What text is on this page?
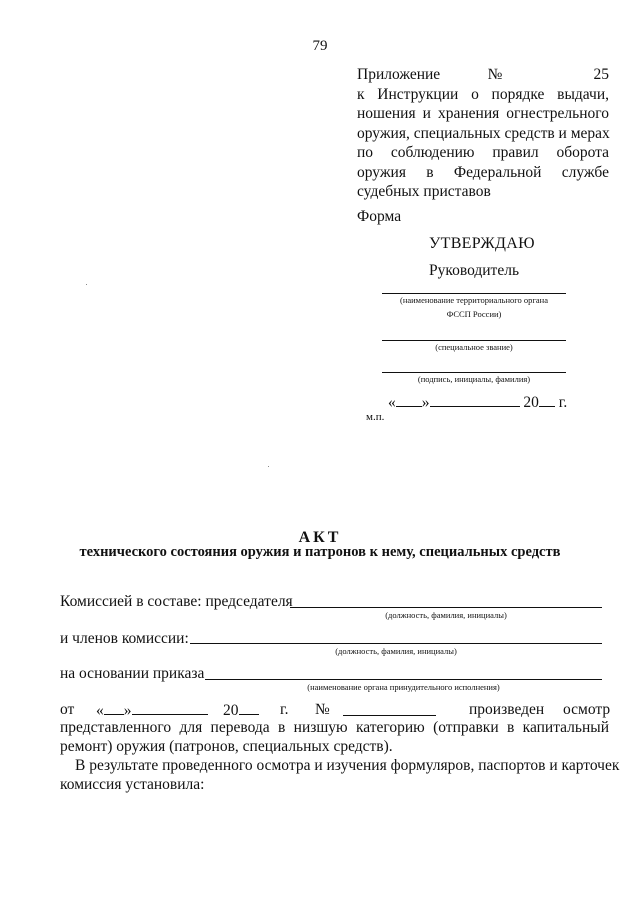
79
Приложение № 25
к Инструкции о порядке выдачи,
ношения и хранения огнестрельного
оружия, специальных средств и мерах
по соблюдению правил оборота
оружия в Федеральной службе
судебных приставов
Форма
УТВЕРЖДАЮ
Руководитель
(наименование территориального органа
ФССП России)
(специальное звание)
(подпись, инициалы, фамилия)
« »	20 г.
м.п.
АКТ
технического состояния оружия и патронов к нему, специальных средств
Комиссией в составе: председателя
(должность, фамилия, инициалы)
и членов комиссии:
(должность, фамилия, инициалы)
на основании приказа
(наименование органа принудительного исполнения)
от « »	20	г. №	произведен осмотр
представленного для перевода в низшую категорию (отправки в капитальный
ремонт) оружия (патронов, специальных средств).
В результате проведенного осмотра и изучения формуляров, паспортов и карточек
комиссия установила:
